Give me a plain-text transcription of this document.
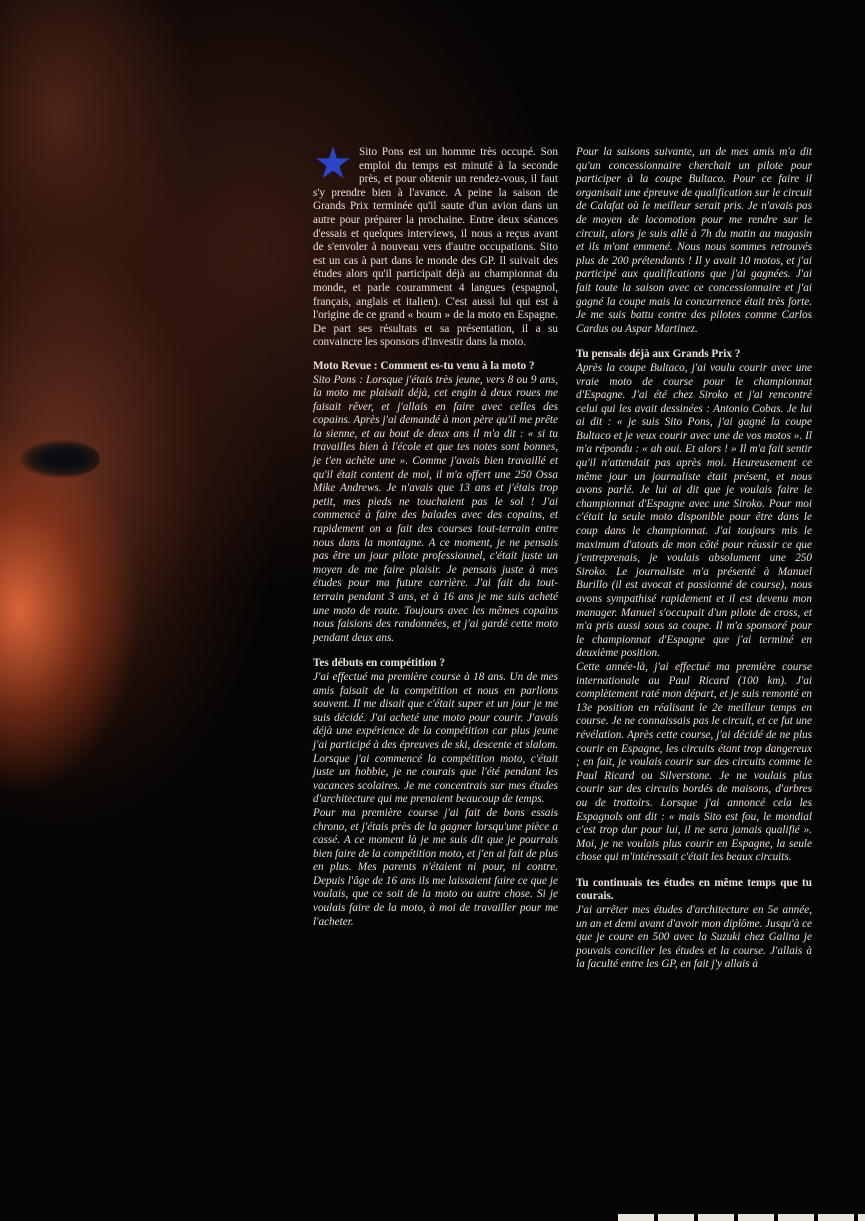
★ Sito Pons est un homme très occupé. Son emploi du temps est minuté à la seconde près, et pour obtenir un rendez-vous, il faut s'y prendre bien à l'avance. A peine la saison de Grands Prix terminée qu'il saute d'un avion dans un autre pour préparer la prochaine. Entre deux séances d'essais et quelques interviews, il nous a reçus avant de s'envoler à nouveau vers d'autre occupations. Sito est un cas à part dans le monde des GP. Il suivait des études alors qu'il participait déjà au championnat du monde, et parle couramment 4 langues (espagnol, français, anglais et italien). C'est aussi lui qui est à l'origine de ce grand « boum » de la moto en Espagne. De part ses résultats et sa présentation, il a su convaincre les sponsors d'investir dans la moto.

Moto Revue : Comment es-tu venu à la moto ?

Sito Pons : Lorsque j'étais très jeune, vers 8 ou 9 ans, la moto me plaisait déjà, cet engin à deux roues me faisait rêver, et j'allais en faire avec celles des copains. Après j'ai demandé à mon père qu'il me prête la sienne, et au bout de deux ans il m'a dit : « si tu travailles bien à l'école et que tes notes sont bonnes, je t'en achète une ». Comme j'avais bien travaillé et qu'il était content de moi, il m'a offert une 250 Ossa Mike Andrews. Je n'avais que 13 ans et j'étais trop petit, mes pieds ne touchaient pas le sol ! J'ai commencé à faire des balades avec des copains, et rapidement on a fait des courses tout-terrain entre nous dans la montagne. A ce moment, je ne pensais pas être un jour pilote professionnel, c'était juste un moyen de me faire plaisir. Je pensais juste à mes études pour ma future carrière. J'ai fait du tout-terrain pendant 3 ans, et à 16 ans je me suis acheté une moto de route. Toujours avec les mêmes copains nous faisions des randonnées, et j'ai gardé cette moto pendant deux ans.

Tes débuts en compétition ?

J'ai effectué ma première course à 18 ans. Un de mes amis faisait de la compétition et nous en parlions souvent. Il me disait que c'était super et un jour je me suis décidé. J'ai acheté une moto pour courir. J'avais déjà une expérience de la compétition car plus jeune j'ai participé à des épreuves de ski, descente et slalom. Lorsque j'ai commencé la compétition moto, c'était juste un hobbie, je ne courais que l'été pendant les vacances scolaires. Je me concentrais sur mes études d'architecture qui me prenaient beaucoup de temps.

Pour ma première course j'ai fait de bons essais chrono, et j'étais près de la gagner lorsqu'une pièce a cassé. A ce moment là je me suis dit que je pourrais bien faire de la compétition moto, et j'en ai fait de plus en plus. Mes parents n'étaient ni pour, ni contre. Depuis l'âge de 16 ans ils me laissaient faire ce que je voulais, que ce soit de la moto ou autre chose. Si je voulais faire de la moto, à moi de travailler pour me l'acheter.

Pour la saisons suivante, un de mes amis m'a dit qu'un concessionnaire cherchait un pilote pour participer à la coupe Bultaco. Pour ce faire il organisait une épreuve de qualification sur le circuit de Calafat où le meilleur serait pris. Je n'avais pas de moyen de locomotion pour me rendre sur le circuit, alors je suis allé à 7h du matin au magasin et ils m'ont emmené. Nous nous sommes retrouvés plus de 200 prétendants ! Il y avait 10 motos, et j'ai participé aux qualifications que j'ai gagnées. J'ai fait toute la saison avec ce concessionnaire et j'ai gagné la coupe mais la concurrence était très forte. Je me suis battu contre des pilotes comme Carlos Cardus ou Aspar Martinez.

Tu pensais déjà aux Grands Prix ?

Après la coupe Bultaco, j'ai voulu courir avec une vraie moto de course pour le championnat d'Espagne. J'ai été chez Siroko et j'ai rencontré celui qui les avait dessinées : Antonio Cobas. Je lui ai dit : « je suis Sito Pons, j'ai gagné la coupe Bultaco et je veux courir avec une de vos motos ». Il m'a répondu : « ah oui. Et alors ! » Il m'a fait sentir qu'il n'attendait pas après moi. Heureusement ce même jour un journaliste était présent, et nous avons parlé. Je lui ai dit que je voulais faire le championnat d'Espagne avec une Siroko. Pour moi c'était la seule moto disponible pour être dans le coup dans le championnat. J'ai toujours mis le maximum d'atouts de mon côté pour réussir ce que j'entreprenais, je voulais absolument une 250 Siroko. Le journaliste m'a présenté à Manuel Burillo (il est avocat et passionné de course), nous avons sympathisé rapidement et il est devenu mon manager. Manuel s'occupait d'un pilote de cross, et m'a pris aussi sous sa coupe. Il m'a sponsoré pour le championnat d'Espagne que j'ai terminé en deuxième position.

Cette année-là, j'ai effectué ma première course internationale au Paul Ricard (100 km). J'ai complètement raté mon départ, et je suis remonté en 13e position en réalisant le 2e meilleur temps en course. Je ne connaissais pas le circuit, et ce fut une révélation. Après cette course, j'ai décidé de ne plus courir en Espagne, les circuits étant trop dangereux ; en fait, je voulais courir sur des circuits comme le Paul Ricard ou Silverstone. Je ne voulais plus courir sur des circuits bordés de maisons, d'arbres ou de trottoirs. Lorsque j'ai annoncé cela les Espagnols ont dit : « mais Sito est fou, le mondial c'est trop dur pour lui, il ne sera jamais qualifié ». Moi, je ne voulais plus courir en Espagne, la seule chose qui m'intéressait c'était les beaux circuits.

Tu continuais tes études en même temps que tu courais.

J'ai arrêter mes études d'architecture en 5e année, un an et demi avant d'avoir mon diplôme. Jusqu'à ce que je coure en 500 avec la Suzuki chez Galina je pouvais concilier les études et la course. J'allais à la faculté entre les GP, en fait j'y allais à
